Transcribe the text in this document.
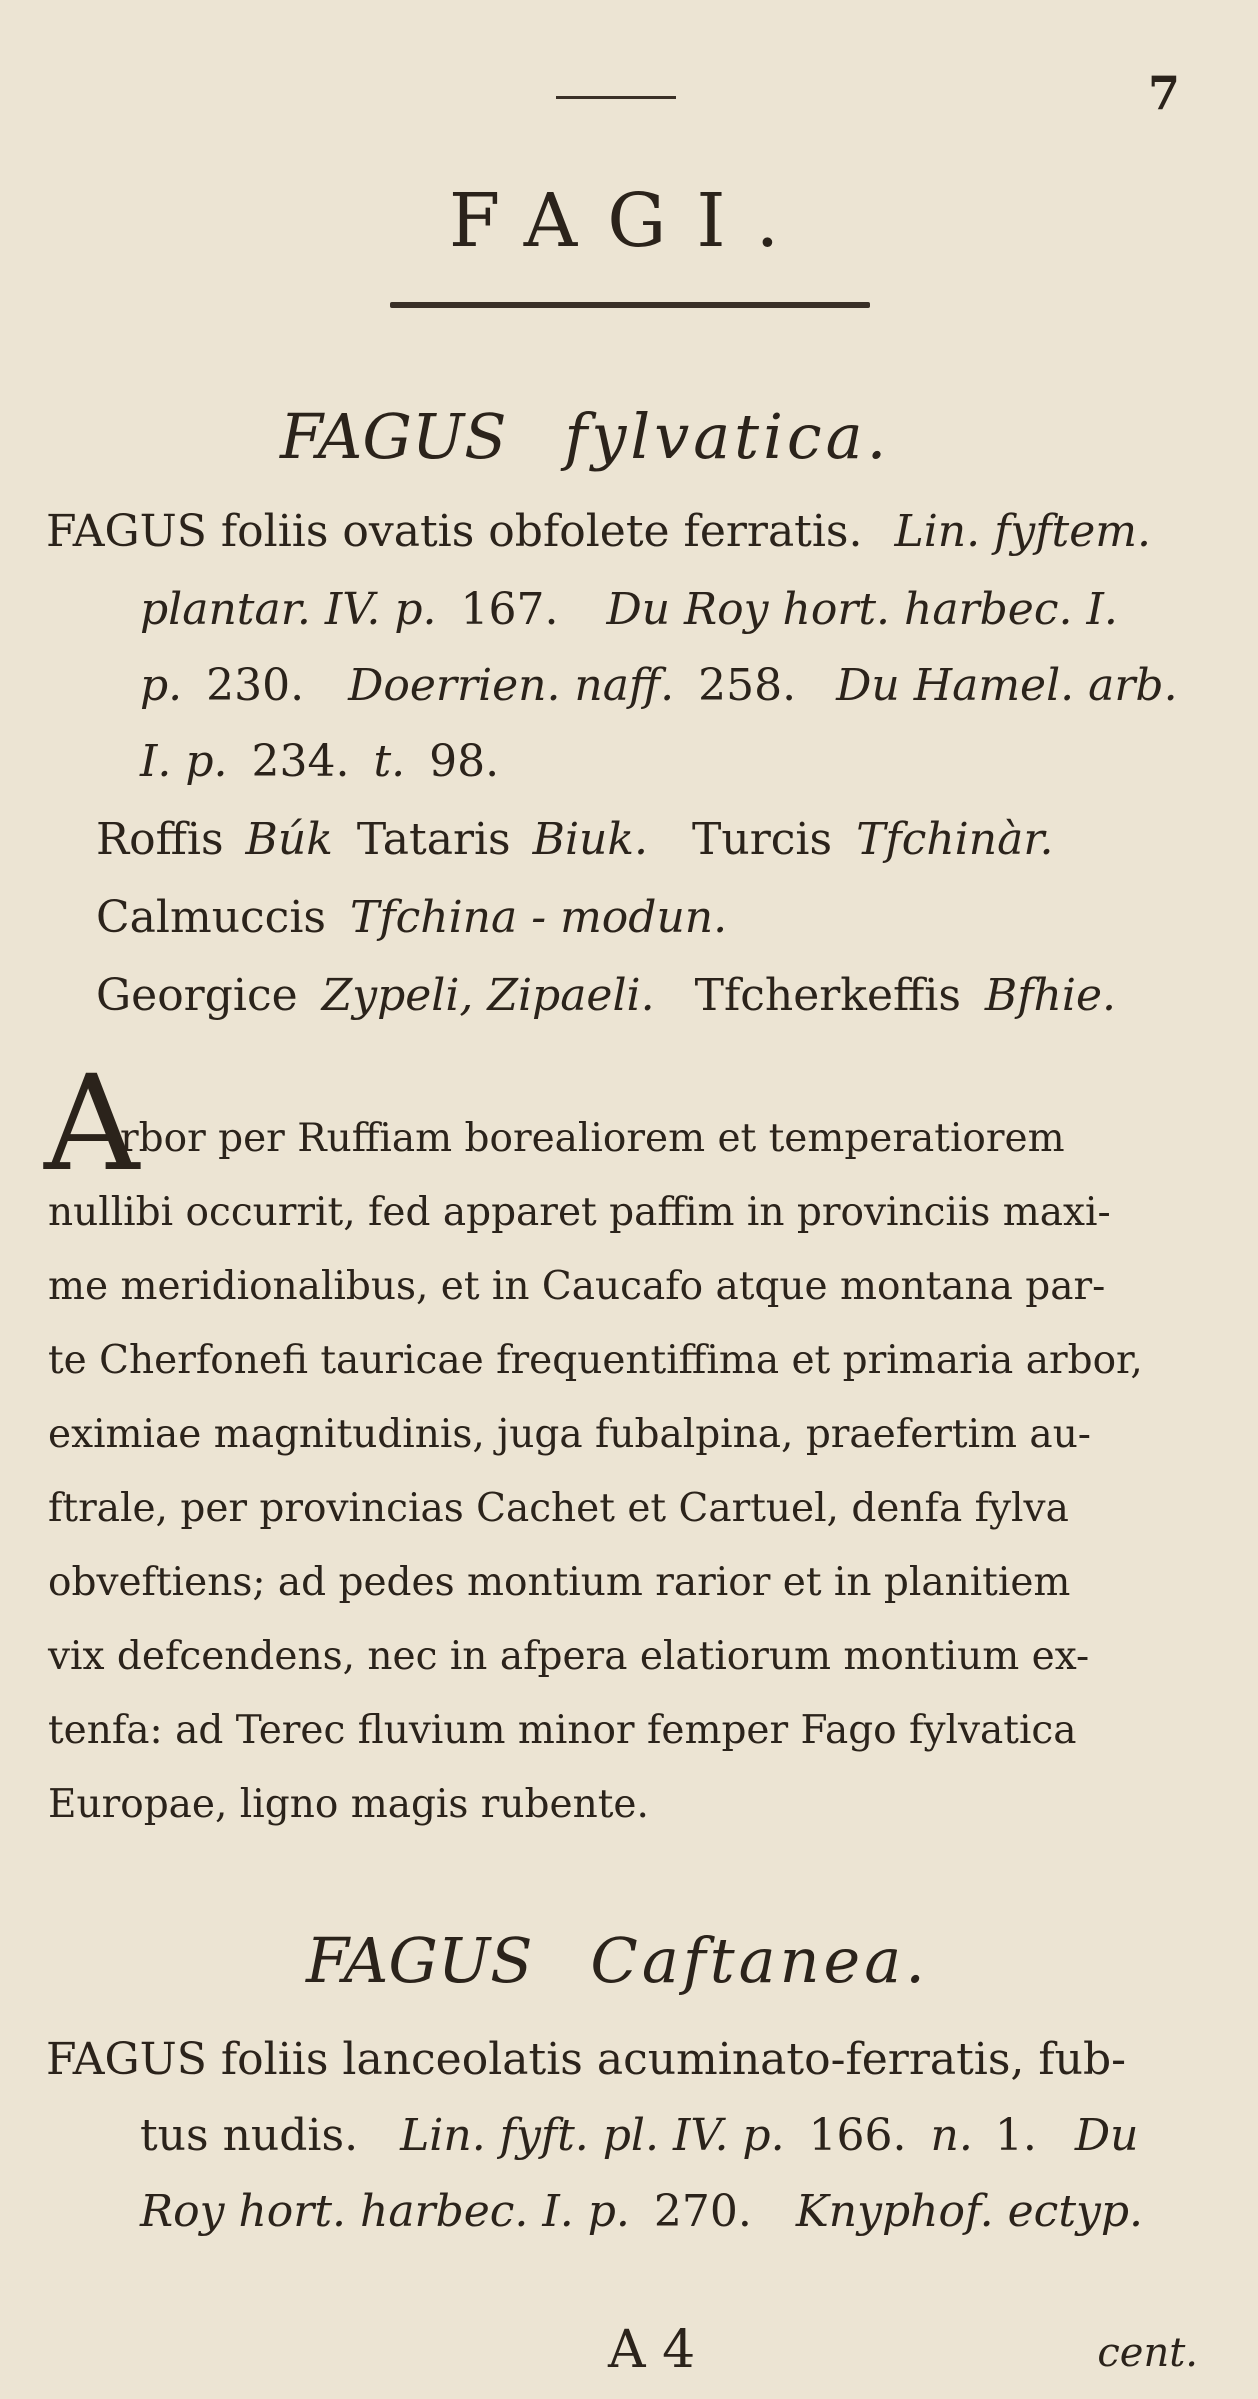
7
FAGI.
FAGUS fylvatica.
FAGUS foliis ovatis obfolete ferratis. Lin. fyftem.
plantar. IV. p. 167. Du Roy hort. harbec. I.
p. 230. Doerrien. naff. 258. Du Hamel. arb.
I. p. 234. t. 98.
Roffis Búk Tataris Biuk. Turcis Tfchinàr.
Calmuccis Tfchina - modun.
Georgice Zypeli, Zipaeli. Tfcherkeffis Bfhie.
A
rbor per Ruffiam borealiorem et temperatiorem
nullibi occurrit, fed apparet paffim in provinciis maxi-
me meridionalibus, et in Caucafo atque montana par-
te Cherfonefi tauricae frequentiffima et primaria arbor,
eximiae magnitudinis, juga fubalpina, praefertim au-
ftrale, per provincias Cachet et Cartuel, denfa fylva
obveftiens; ad pedes montium rarior et in planitiem
vix defcendens, nec in afpera elatiorum montium ex-
tenfa: ad Terec fluvium minor femper Fago fylvatica
Europae, ligno magis rubente.
FAGUS Caftanea.
FAGUS foliis lanceolatis acuminato-ferratis, fub-
tus nudis. Lin. fyft. pl. IV. p. 166. n. 1. Du
Roy hort. harbec. I. p. 270. Knyphof. ectyp.
A 4	cent.
